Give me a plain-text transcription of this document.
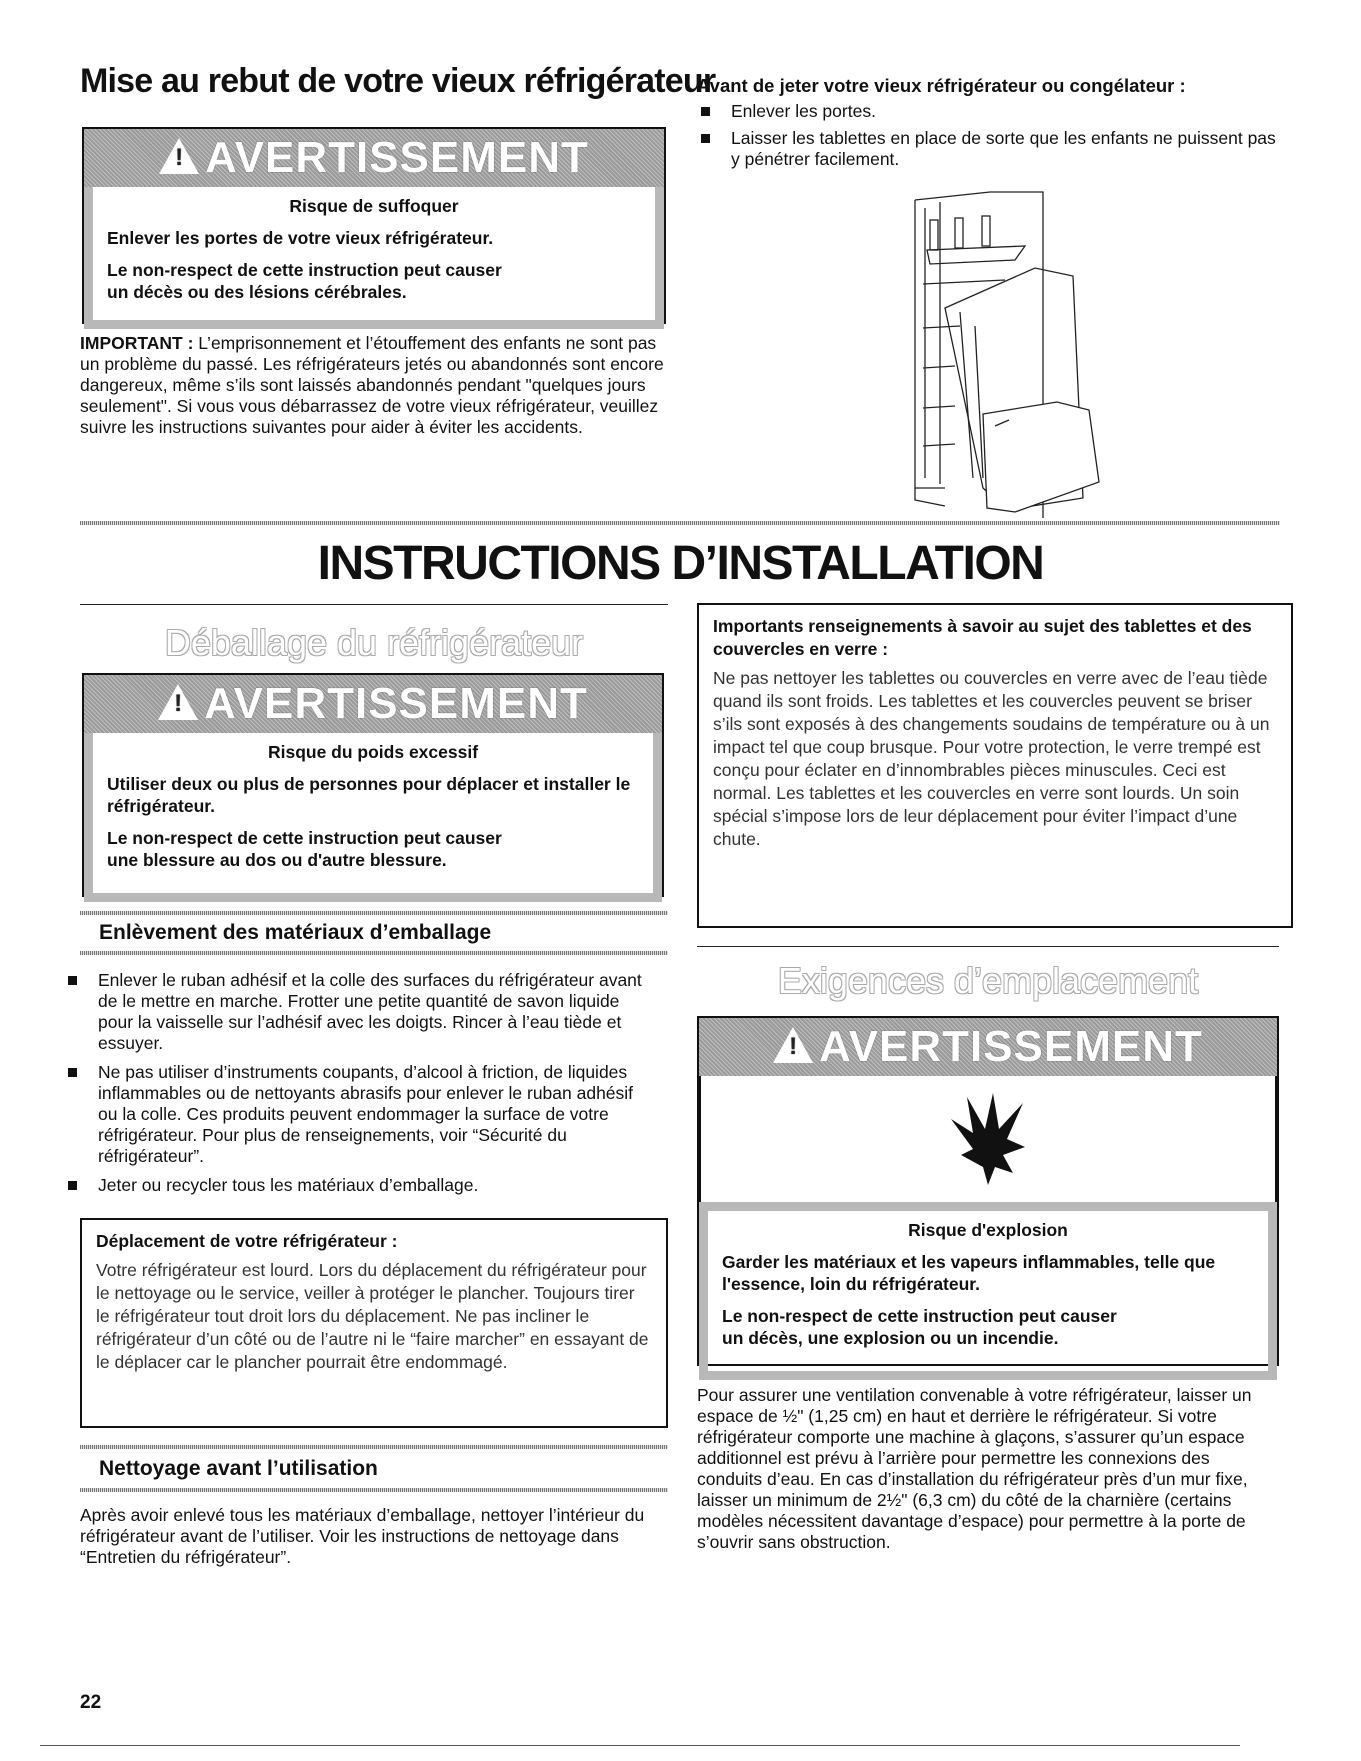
Mise au rebut de votre vieux réfrigérateur
!AVERTISSEMENT

Risque de suffoquer

Enlever les portes de votre vieux réfrigérateur.

Le non-respect de cette instruction peut causer

un décès ou des lésions cérébrales.

IMPORTANT : L’emprisonnement et l’étouffement des enfants ne sont pas un problème du passé. Les réfrigérateurs jetés ou abandonnés sont encore dangereux, même s’ils sont laissés abandonnés pendant "quelques jours seulement". Si vous vous débarrassez de votre vieux réfrigérateur, veuillez suivre les instructions suivantes pour aider à éviter les accidents.
Avant de jeter votre vieux réfrigérateur ou congélateur :
Enlever les portes.
Laisser les tablettes en place de sorte que les enfants ne puissent pas y pénétrer facilement.
INSTRUCTIONS D’INSTALLATION
Déballage du réfrigérateur
!AVERTISSEMENT

Risque du poids excessif

Utiliser deux ou plus de personnes pour déplacer et installer le réfrigérateur.

Le non-respect de cette instruction peut causer

une blessure au dos ou d'autre blessure.

Enlèvement des matériaux d’emballage
Enlever le ruban adhésif et la colle des surfaces du réfrigérateur avant de le mettre en marche. Frotter une petite quantité de savon liquide pour la vaisselle sur l’adhésif avec les doigts. Rincer à l’eau tiède et essuyer.
Ne pas utiliser d’instruments coupants, d’alcool à friction, de liquides inflammables ou de nettoyants abrasifs pour enlever le ruban adhésif ou la colle. Ces produits peuvent endommager la surface de votre réfrigérateur. Pour plus de renseignements, voir “Sécurité du réfrigérateur”.
Jeter ou recycler tous les matériaux d’emballage.
Déplacement de votre réfrigérateur :
Votre réfrigérateur est lourd. Lors du déplacement du réfrigérateur pour le nettoyage ou le service, veiller à protéger le plancher. Toujours tirer le réfrigérateur tout droit lors du déplacement. Ne pas incliner le réfrigérateur d’un côté ou de l’autre ni le “faire marcher” en essayant de le déplacer car le plancher pourrait être endommagé.
Nettoyage avant l’utilisation
Après avoir enlevé tous les matériaux d’emballage, nettoyer l’intérieur du réfrigérateur avant de l’utiliser. Voir les instructions de nettoyage dans “Entretien du réfrigérateur”.
Importants renseignements à savoir au sujet des tablettes et des couvercles en verre :
Ne pas nettoyer les tablettes ou couvercles en verre avec de l’eau tiède quand ils sont froids. Les tablettes et les couvercles peuvent se briser s’ils sont exposés à des changements soudains de température ou à un impact tel que coup brusque. Pour votre protection, le verre trempé est conçu pour éclater en d’innombrables pièces minuscules. Ceci est normal. Les tablettes et les couvercles en verre sont lourds. Un soin spécial s’impose lors de leur déplacement pour éviter l’impact d’une chute.
Exigences d’emplacement
!AVERTISSEMENT

Risque d'explosion

Garder les matériaux et les vapeurs inflammables, telle que l'essence, loin du réfrigérateur.

Le non-respect de cette instruction peut causer

un décès, une explosion ou un incendie.

Pour assurer une ventilation convenable à votre réfrigérateur, laisser un espace de ½" (1,25 cm) en haut et derrière le réfrigérateur. Si votre réfrigérateur comporte une machine à glaçons, s’assurer qu’un espace additionnel est prévu à l’arrière pour permettre les connexions des conduits d’eau. En cas d’installation du réfrigérateur près d’un mur fixe, laisser un minimum de 2½" (6,3 cm) du côté de la charnière (certains modèles nécessitent davantage d’espace) pour permettre à la porte de s’ouvrir sans obstruction.
22
